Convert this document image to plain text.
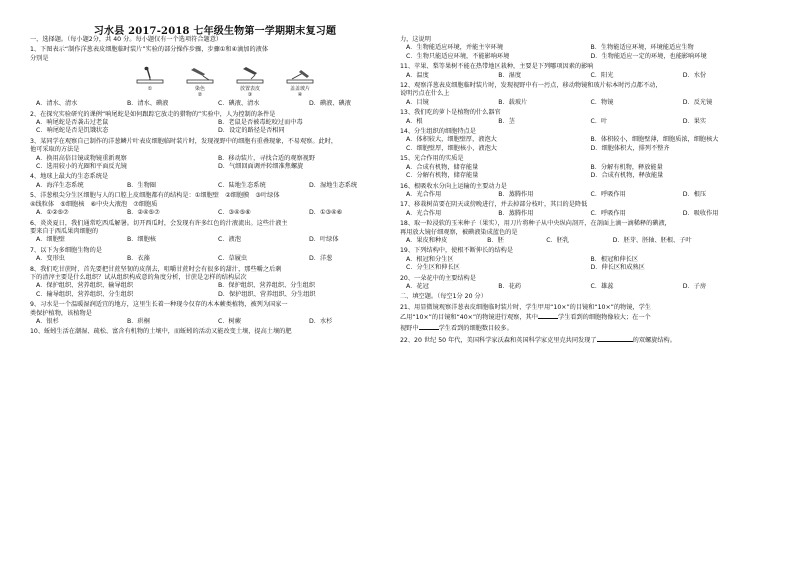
习水县 2017-2018 七年级生物第一学期期末复习题
一、选择题。（每小题2分，共 40 分。每小题仅有一个选项符合题意）
1、下图表示“制作洋葱表皮细胞临时装片”实验的部分操作步骤，步骤①和④滴加的液体
分别是
①	染色
②
放置表皮
③
盖盖玻片
④
A．清水、清水	B．清水、碘液	C．碘液、清水	D．碘液、碘液
2、在探究实验研究的课例“响尾蛇是如何跟踪它放走的猎物的”实验中，人为控制的条件是
A．响尾蛇是否袭击过老鼠	B．老鼠是否被毒蛇咬过而中毒
C．响尾蛇是否是饥饿状态	D．设定的路径是否相同
3、某同学在观察自己制作的洋葱鳞片叶表皮细胞临时装片时，发现视野中的细胞有重叠现象，不易观察。此时，
他可采取的方法是
A．换用高倍目镜或物镜重新观察	B．移动装片，寻找合适的观察视野
C．选用较小的光圈和平面反光镜	D．气细回面调并转细准焦螺旋
4、地球上最大的生态系统是
A．海洋生态系统	B．生物圈	C．陆地生态系统	D．湿地生态系统
5、洋葱根尖分生区细胞与人的口腔上皮细胞都有的结构是：①细胞壁　②细胞膜　③叶绿体
④线粒体　⑤细胞核　⑥中央大液泡　⑦细胞质
A．①②⑤⑦	B．②④⑤⑦	C．③④⑤⑥	D．①③④⑥
6、炎炎夏日，我们通常吃西瓜解暑。切开西瓜时，会发现有许多红色的汁液流出。这些汁液主
要来自于西瓜果肉细胞的
A．细胞壁	B．细胞核	C．液泡	D．叶绿体
7、以下为多细胞生物的是
A．变形虫	B．衣藻	C．草履虫	D．洋葱
8、我们吃甘蔗时，首先要把甘蔗坚韧的皮削去，咀嚼甘蔗时会有很多的甜汁，那些嚼之后剩
下的渣滓主要是什么组织？试从组织构成意的角度分析，甘蔗是怎样的结构层次
A．保护组织、营养组织、输导组织	B．保护组织、营养组织、分生组织
C．输导组织、营养组织、分生组织	D．保护组织、营养组织、分生组织
9、习水是一个温暖湿润适宜的地方，这里生长着一种现今仅存的木本蕨类植物，被列为国家一
类保护植物，该植物是
A．银杉	B．珙桐	C．树蕨	D．水杉
10、蚯蚓生活在潮湿、疏松、富含有机物的土壤中，而蚯蚓的活动又能改变土壤，提高土壤的肥
力，这说明
A．生物能适应环境，并能主宰环境	B．生物能适应环境，环境能适应生物
C．生物只能适应环境，不能影响环境	D．生物能适应一定的环境，也能影响环境
11、苹果、梨等果树不能在热带地区栽种，主要是下列哪项因素的影响
A．温度	B．湿度	C．阳光	D．水份
12、观察洋葱表皮细胞临时装片时，发现视野中有一污点，移动物镜和玻片标本时污点都不动，
说明污点在什么上
A．目镜	B．载玻片	C．物镜	D．反光镜
13、我们吃的萝卜是植物的什么器官
A．根	B．茎	C．叶	D．果实
14、分生组织的细胞特点是
A．体积较大，细胞壁厚，液泡大	B．体积较小，细胞壁薄，细胞质浓，细胞核大
C．细胞壁厚，细胞核小，液泡大	D．细胞体积大，排列不整齐
15、光合作用的实质是
A．合成有机物，储存能量	B．分解有机物，释放能量
C．分解有机物，储存能量	D．合成有机物，释放能量
16、根吸收水分向上运输的主要动力是
A．光合作用	B．蒸腾作用	C．呼吸作用	D．根压
17、移栽树苗要在阴天或傍晚进行，并去掉部分枝叶，其目的是降低
A．光合作用	B．蒸腾作用	C．呼吸作用	D．吸收作用
18、取一粒浸软的玉米种子（果实），用刀片将种子从中央纵向剖开，在剖面上滴一滴稀释的碘液，
再用放大镜仔细观察，被碘液染成蓝色的是
A．果皮和种皮	B．胚	C．胚乳	D．胚芽、胚轴、胚根、子叶
19、下列结构中，使根不断伸长的结构是
A．根冠和分生区	B．根冠和伸长区
C．分生区和伸长区	D．伸长区和成熟区
20、一朵花中的主要结构是
A．花冠	B．花药	C．雄蕊	D．子房
二、填空题。（每空1分 20 分）
21、用显微镜观察洋葱表皮细胞临时装片时，学生甲用“10×”的目镜和“10×”的物镜，学生
乙用“10×”的目镜和“40×”的物镜进行观察，其中	学生看到的细胞物像较大；在一个
视野中	学生看到的细胞数目较多。
22、20 世纪 50 年代，美国科学家沃森和英国科学家克里克共同发现了	的双螺旋结构。
